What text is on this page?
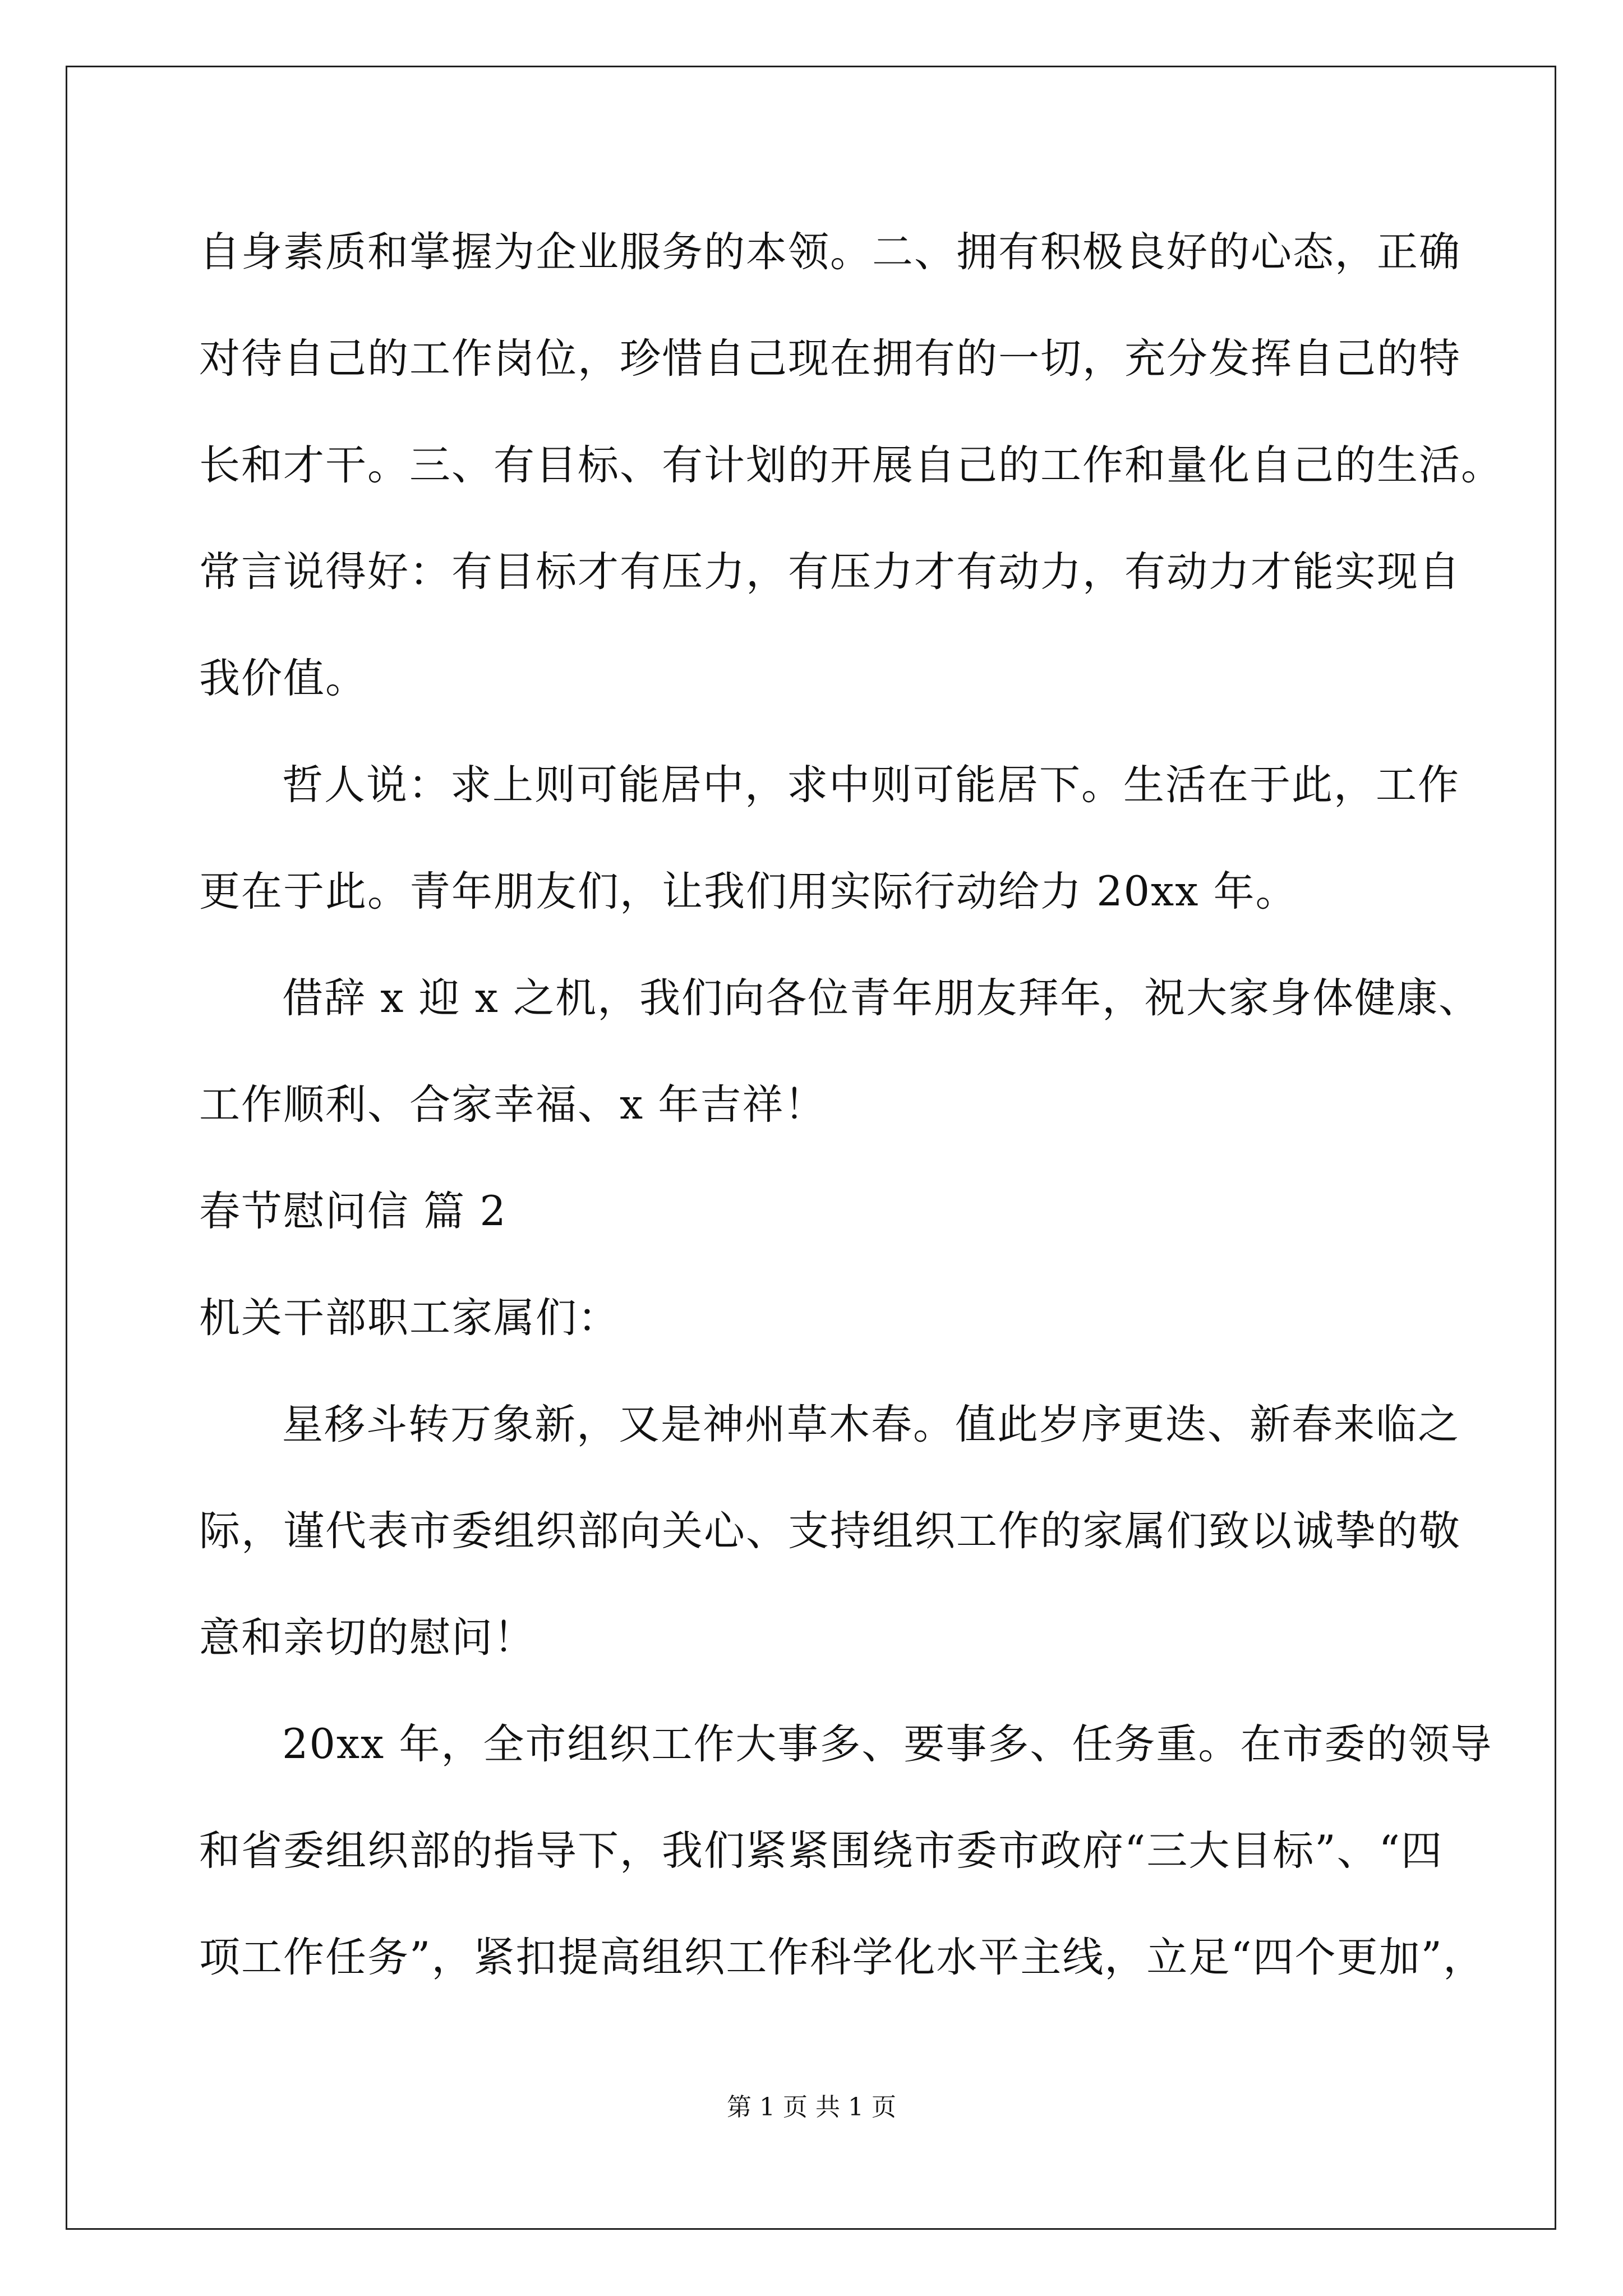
自身素质和掌握为企业服务的本领。二、拥有积极良好的心态，正确
对待自己的工作岗位，珍惜自己现在拥有的一切，充分发挥自己的特
长和才干。三、有目标、有计划的开展自己的工作和量化自己的生活。
常言说得好：有目标才有压力，有压力才有动力，有动力才能实现自
我价值。
哲人说：求上则可能居中，求中则可能居下。生活在于此，工作
更在于此。青年朋友们，让我们用实际行动给力 20xx 年。
借辞 x 迎 x 之机，我们向各位青年朋友拜年，祝大家身体健康、
工作顺利、合家幸福、x 年吉祥！
春节慰问信 篇 2
机关干部职工家属们：
星移斗转万象新，又是神州草木春。值此岁序更迭、新春来临之
际，谨代表市委组织部向关心、支持组织工作的家属们致以诚挚的敬
意和亲切的慰问！
20xx 年，全市组织工作大事多、要事多、任务重。在市委的领导
和省委组织部的指导下，我们紧紧围绕市委市政府“三大目标”、“四
项工作任务”，紧扣提高组织工作科学化水平主线，立足“四个更加”，
第 1 页 共 1 页
